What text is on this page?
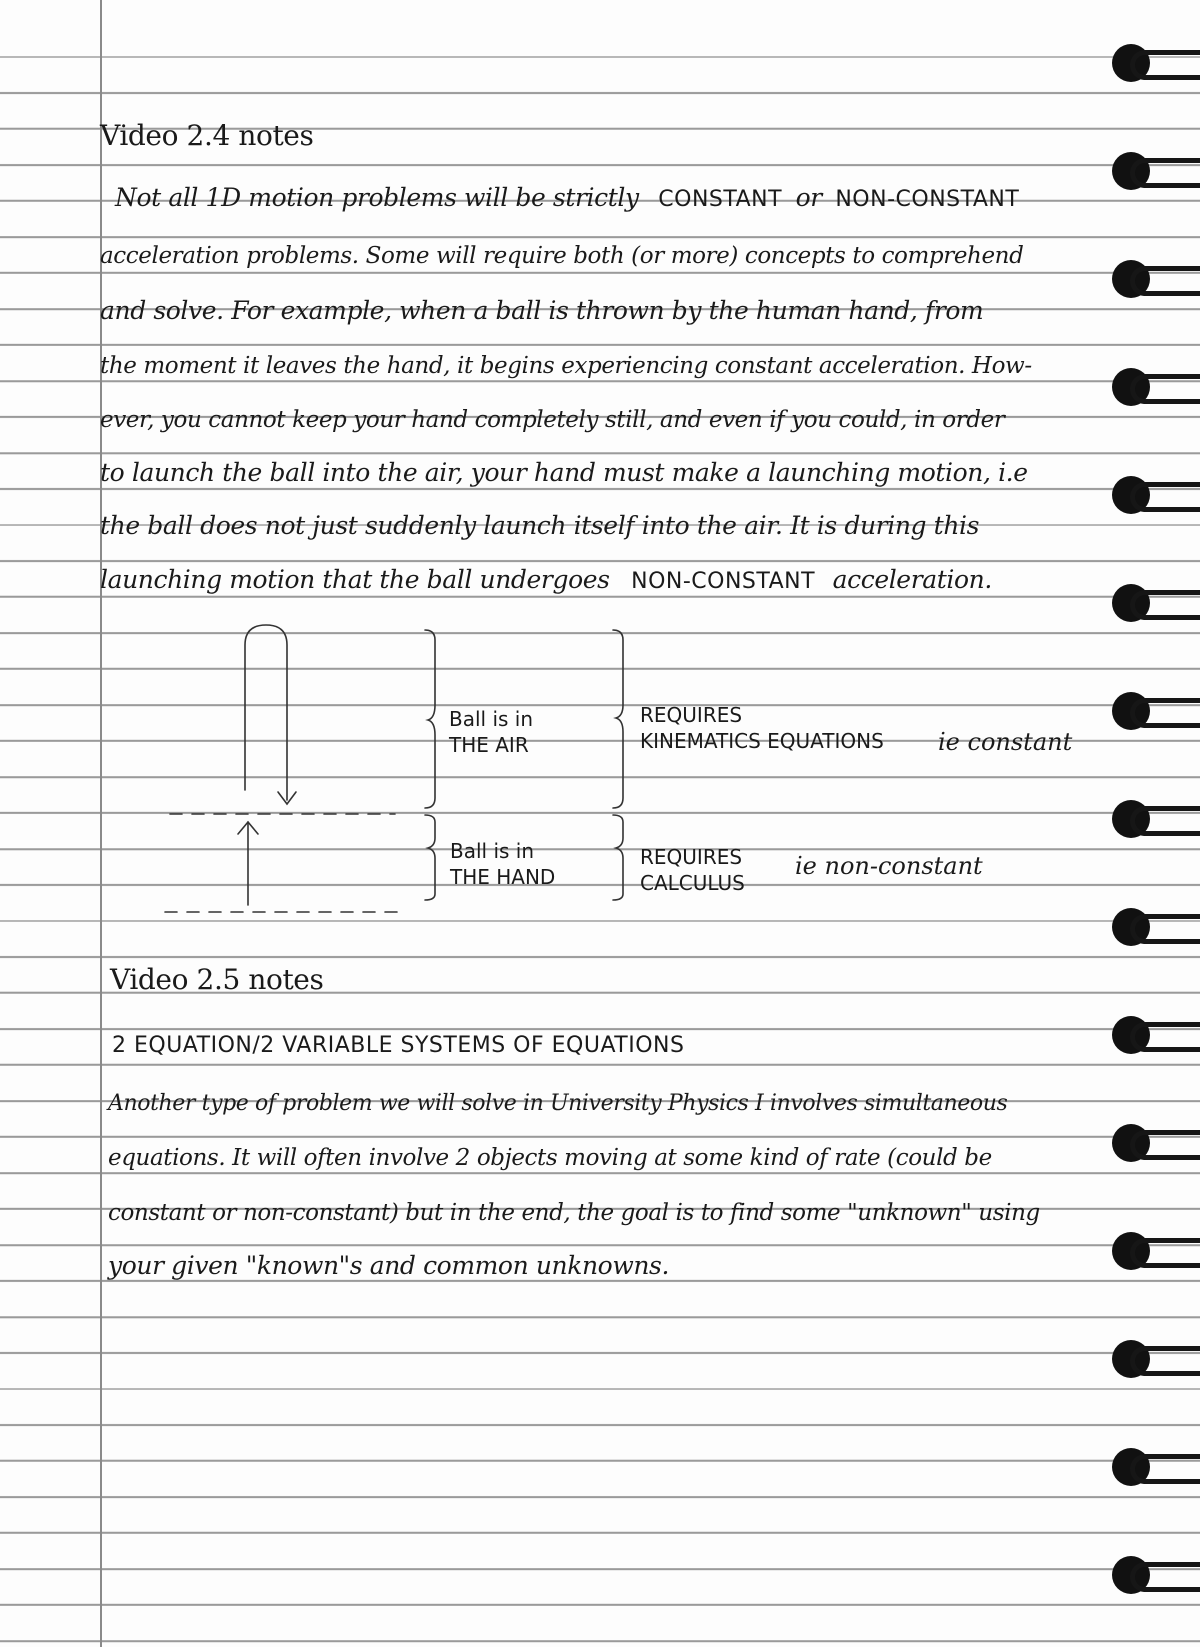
Video 2.4 notes
Not all 1D motion problems will be strictly CONSTANT or NON-CONSTANT
acceleration problems. Some will require both (or more) concepts to comprehend
and solve. For example, when a ball is thrown by the human hand, from
the moment it leaves the hand, it begins experiencing constant acceleration. How-
ever, you cannot keep your hand completely still, and even if you could, in order
to launch the ball into the air, your hand must make a launching motion, i.e
the ball does not just suddenly launch itself into the air. It is during this
launching motion that the ball undergoes NON-CONSTANT acceleration.
Ball is in
THE AIR
REQUIRES
KINEMATICS EQUATIONS ie constant
Ball is in
THE HAND
REQUIRES
CALCULUS
ie non-constant
Video 2.5 notes
2 EQUATION/2 VARIABLE SYSTEMS OF EQUATIONS
Another type of problem we will solve in University Physics I involves simultaneous
equations. It will often involve 2 objects moving at some kind of rate (could be
constant or non-constant) but in the end, the goal is to find some "unknown" using
your given "known"s and common unknowns.
